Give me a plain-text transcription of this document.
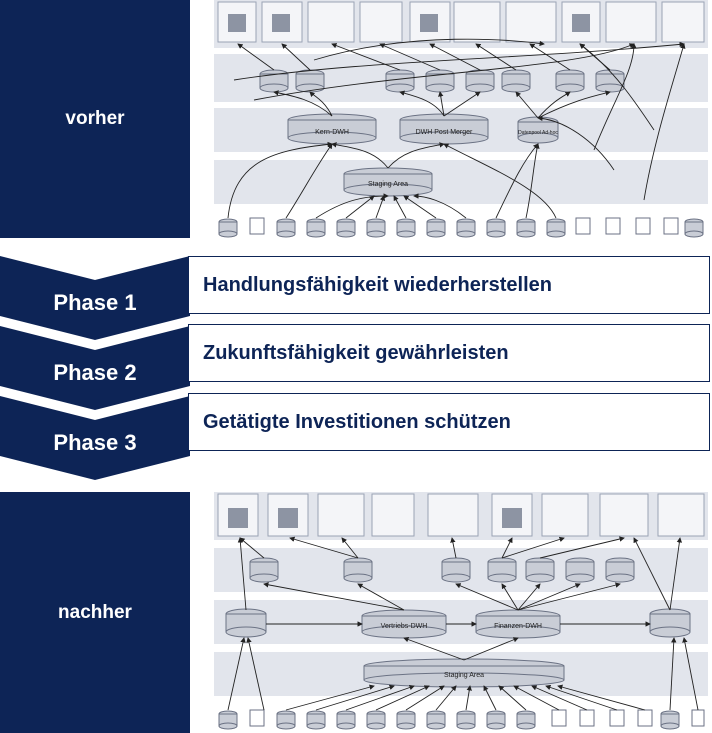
vorher
Kern-DWH	DWH Post Merger	Datenpool Ad-hoc
Staging Area
Phase 1
Phase 2
Phase 3
Handlungsfähigkeit wiederherstellen
Zukunftsfähigkeit gewährleisten
Getätigte Investitionen schützen
nachher
Vertriebs-DWH	Finanzen-DWH
Staging Area
